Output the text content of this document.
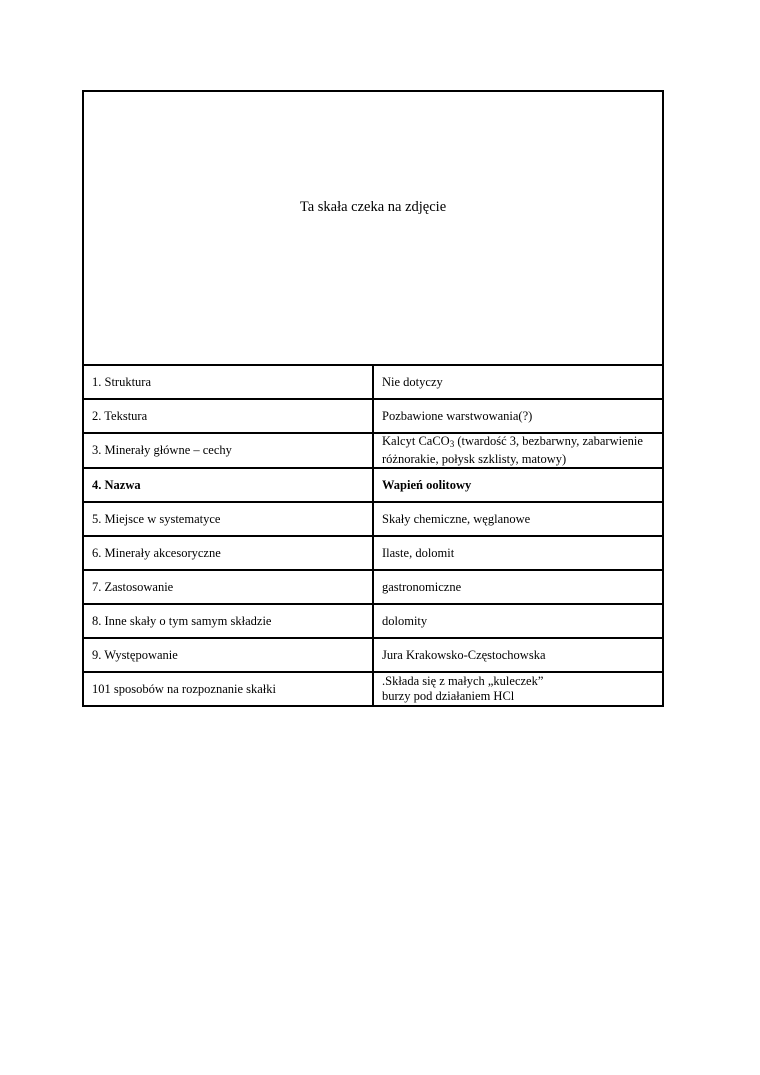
Ta skała czeka na zdjęcie	
1. Struktura	Nie dotyczy
2. Tekstura	Pozbawione warstwowania(?)
3. Minerały główne – cechy	Kalcyt CaCO$_3$ (twardość 3, bezbarwny, zabarwienie różnorakie, połysk szklisty, matowy)
4. Nazwa	Wapień oolitowy
5. Miejsce w systematyce	Skały chemiczne, węglanowe
6. Minerały akcesoryczne	Ilaste, dolomit
7. Zastosowanie	gastronomiczne
8. Inne skały o tym samym składzie	dolomity
9. Występowanie	Jura Krakowsko-Częstochowska
101 sposobów na rozpoznanie skałki	.Składa się z małych „kuleczek”
burzy pod działaniem HCl
